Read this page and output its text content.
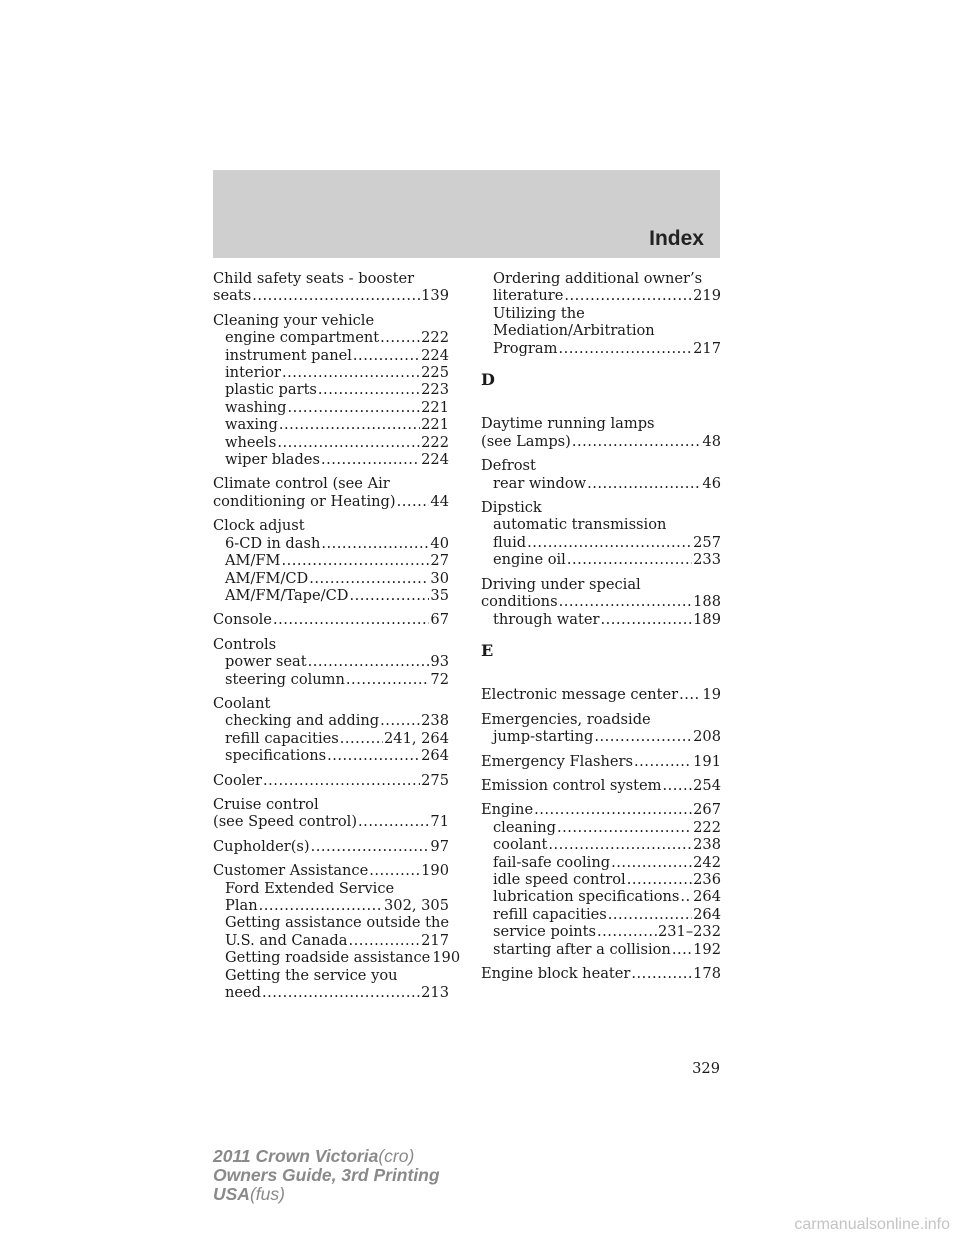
Index
Child safety seats - booster
seats .....	139
Cleaning your vehicle
engine compartment .....	222
instrument panel .....	224
interior .....	225
plastic parts .....	223
washing .....	221
waxing .....	221
wheels .....	222
wiper blades .....	224
Climate control (see Air
conditioning or Heating) ..... 44
Clock adjust
6-CD in dash .....	40
AM/FM .....	27
AM/FM/CD .....	30
AM/FM/Tape/CD .....	35
Console .....	67
Controls
power seat .....	93
steering column .....	72
Coolant
checking and adding .....	238
refill capacities .....	241, 264
specifications .....	264
Cooler .....	275
Cruise control
(see Speed control) .....	71
Cupholder(s) .....	97
Customer Assistance .....	190
Ford Extended Service
Plan .....	302, 305
Getting assistance outside the
U.S. and Canada .....	217
Getting roadside assistance 190
Getting the service you
need .....	213
Ordering additional owner’s
literature .....	219
Utilizing the
Mediation/Arbitration
Program .....	217
D
Daytime running lamps
(see Lamps) .....	48
Defrost
rear window .....	46
Dipstick
automatic transmission
fluid .....	257
engine oil .....	233
Driving under special
conditions .....	188
through water .....	189
E
Electronic message center ..... 19
Emergencies, roadside
jump-starting .....	208
Emergency Flashers .....	191
Emission control system ..... 254
Engine .....	267
cleaning .....	222
coolant .....	238
fail-safe cooling .....	242
idle speed control .....	236
lubrication specifications ..... 264
refill capacities .....	264
service points .....	231–232
starting after a collision ..... 192
Engine block heater .....	178
329
2011 Crown Victoria(cro)
Owners Guide, 3rd Printing
USA(fus)
carmanualsonline.info
